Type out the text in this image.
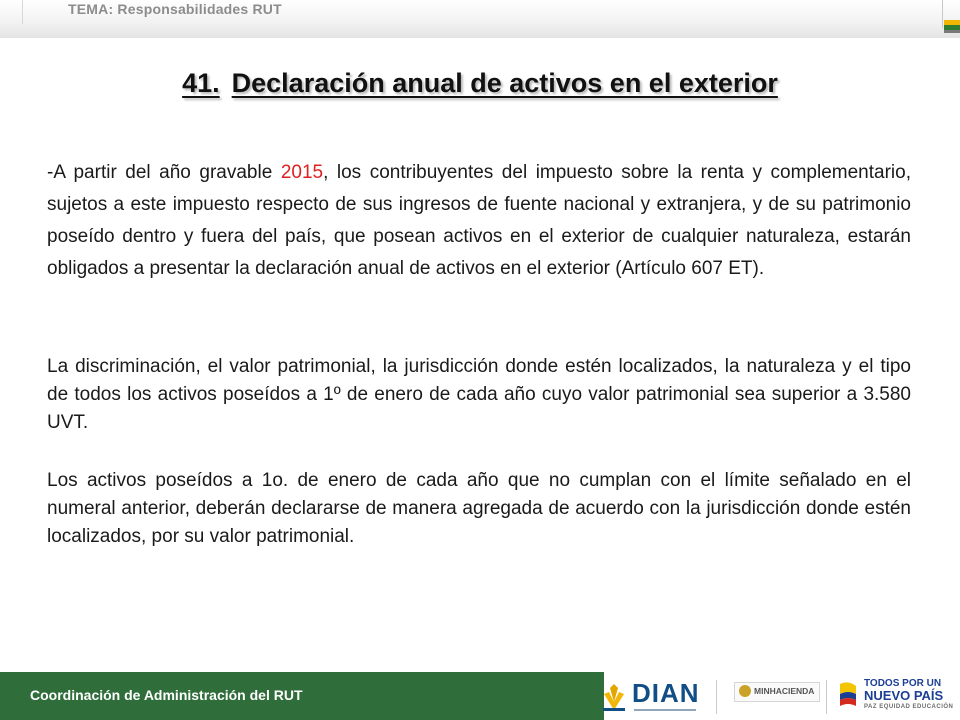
TEMA: Responsabilidades RUT
41. Declaración anual de activos en el exterior
-A partir del año gravable 2015, los contribuyentes del impuesto sobre la renta y complementario, sujetos a este impuesto respecto de sus ingresos de fuente nacional y extranjera, y de su patrimonio poseído dentro y fuera del país, que posean activos en el exterior de cualquier naturaleza, estarán obligados a presentar la declaración anual de activos en el exterior (Artículo 607 ET).
La discriminación, el valor patrimonial, la jurisdicción donde estén localizados, la naturaleza y el tipo de todos los activos poseídos a 1º de enero de cada año cuyo valor patrimonial sea superior a 3.580 UVT.
Los activos poseídos a 1o. de enero de cada año que no cumplan con el límite señalado en el numeral anterior, deberán declararse de manera agregada de acuerdo con la jurisdicción donde estén localizados, por su valor patrimonial.
Coordinación de Administración del RUT	DIAN	MINHACIENDA
TODOS POR UN
NUEVO PAÍS
PAZ EQUIDAD EDUCACIÓN
